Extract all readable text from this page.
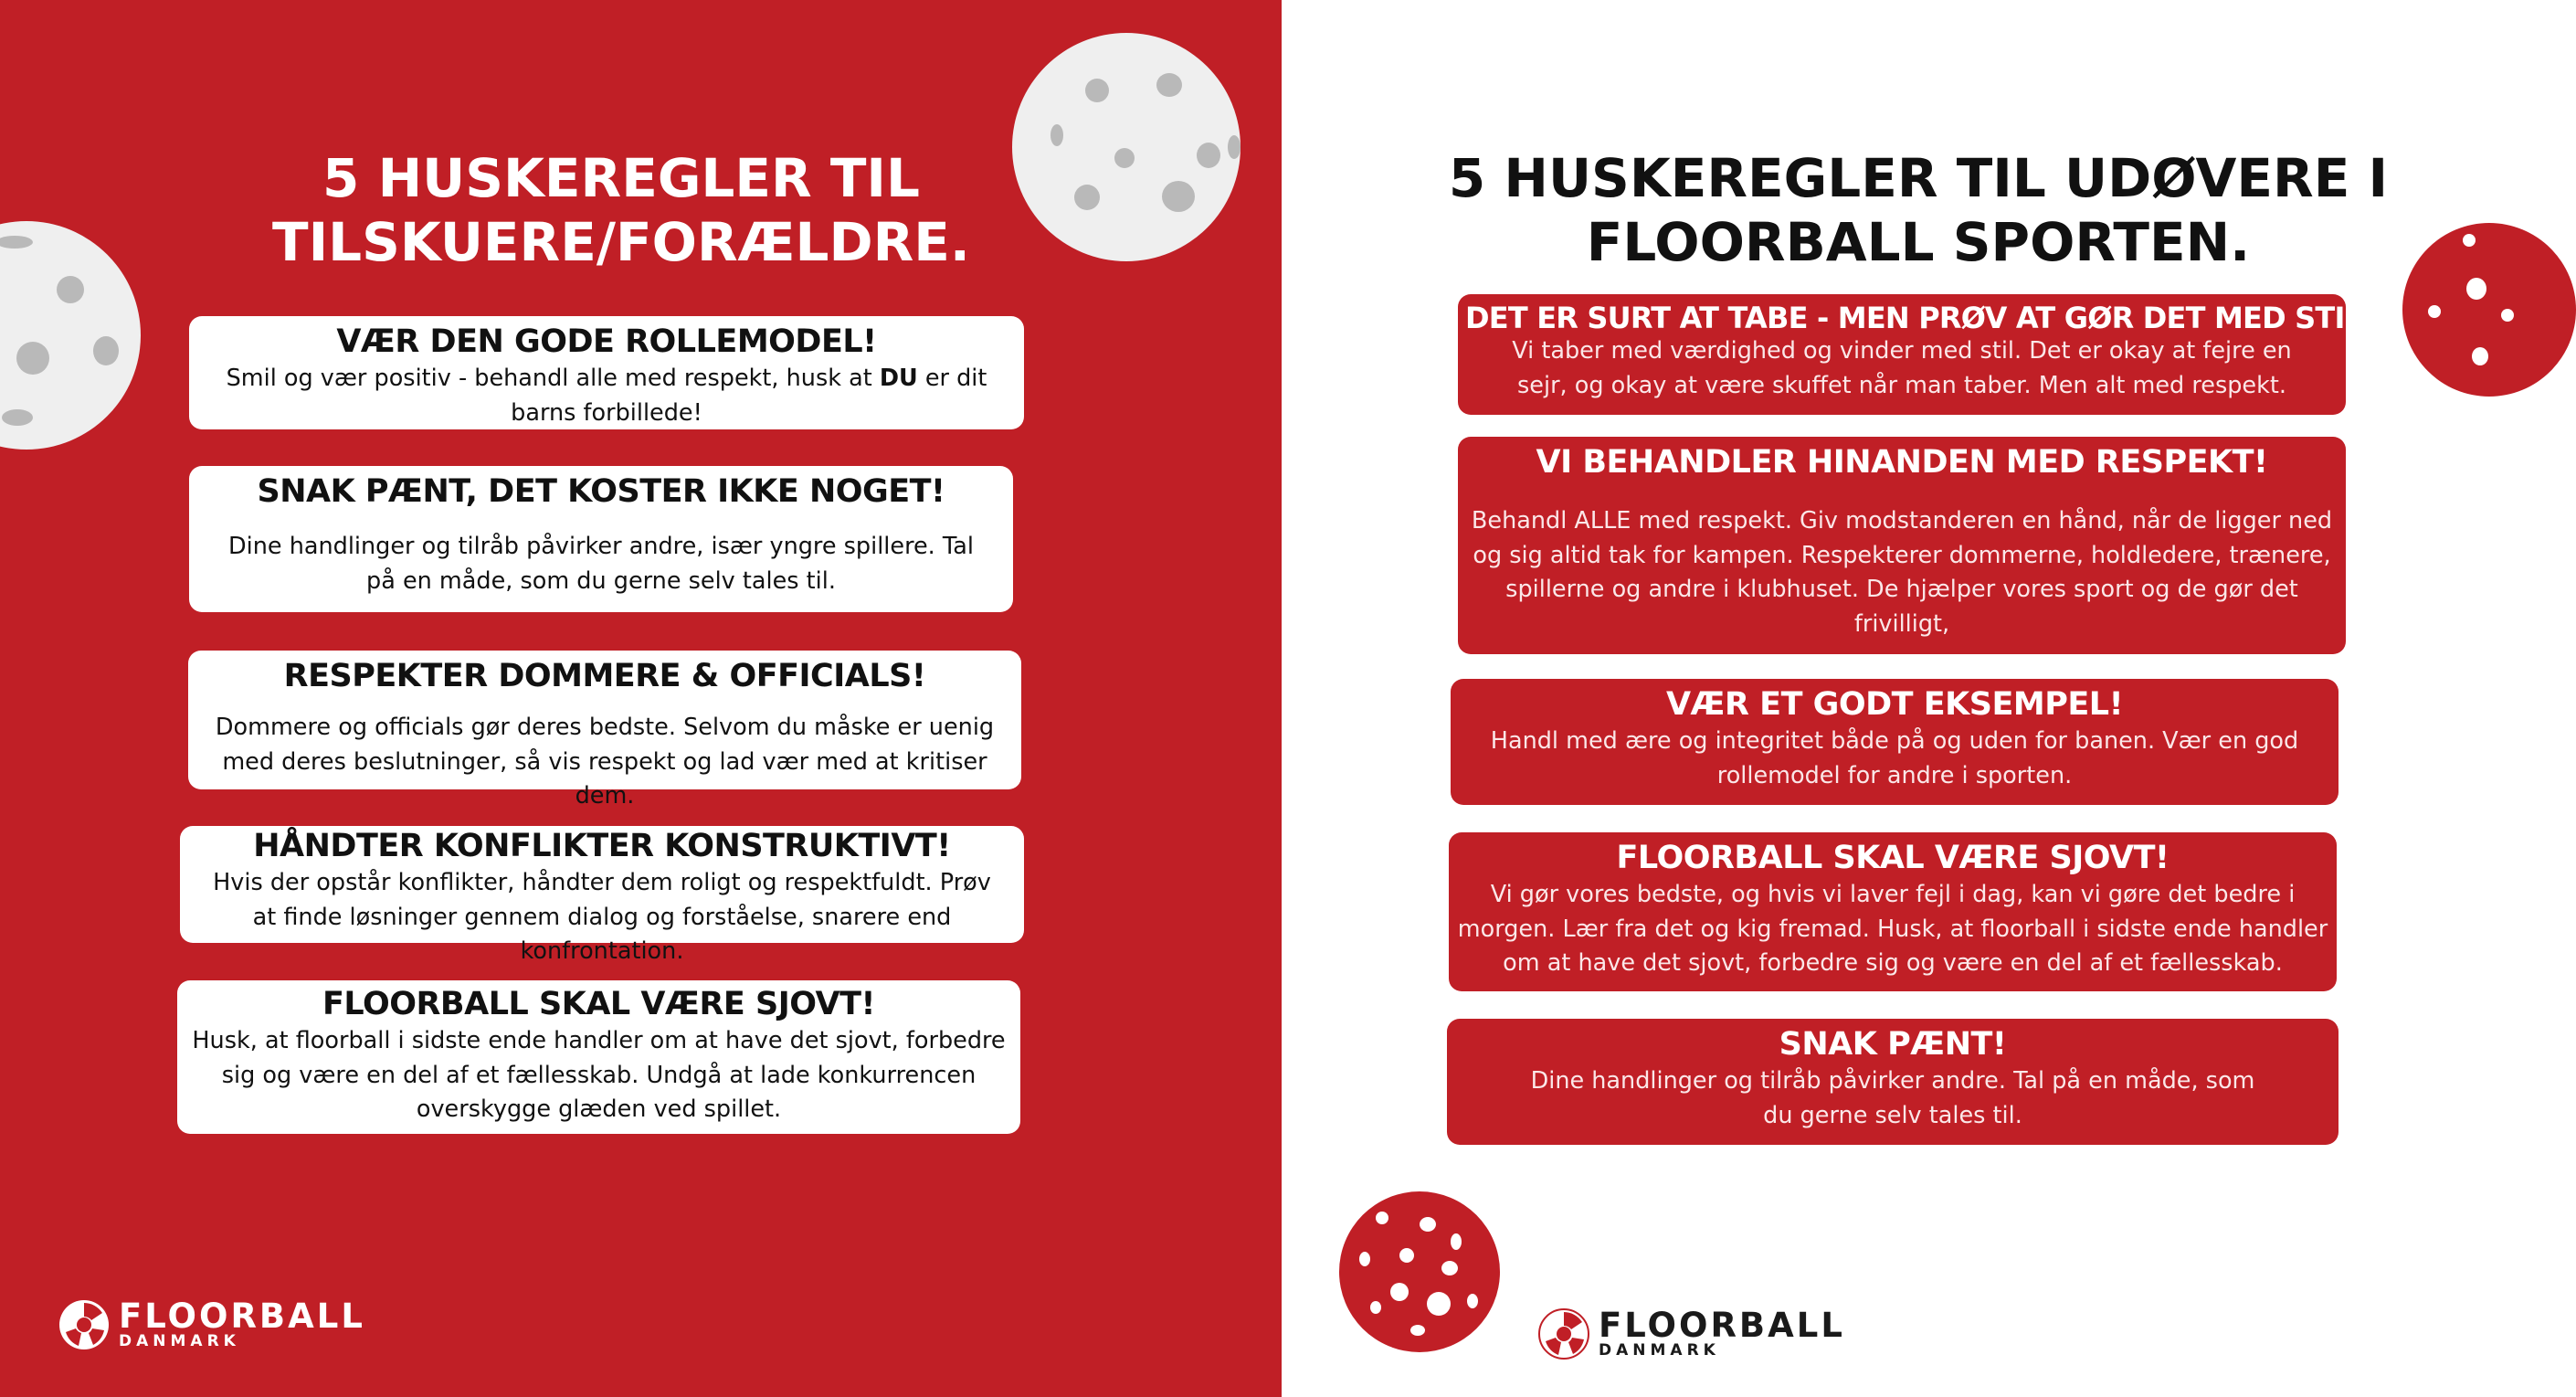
5 HUSKEREGLER TIL
TILSKUERE/FORÆLDRE.
VÆR DEN GODE ROLLEMODEL!
Smil og vær positiv - behandl alle med respekt, husk at DU er dit barns forbillede!
SNAK PÆNT, DET KOSTER IKKE NOGET!
Dine handlinger og tilråb påvirker andre, især yngre spillere. Tal på en måde, som du gerne selv tales til.
RESPEKTER DOMMERE & OFFICIALS!
Dommere og officials gør deres bedste. Selvom du måske er uenig med deres beslutninger, så vis respekt og lad vær med at kritiser dem.
HÅNDTER KONFLIKTER KONSTRUKTIVT!
Hvis der opstår konflikter, håndter dem roligt og respektfuldt. Prøv at finde løsninger gennem dialog og forståelse, snarere end konfrontation.
FLOORBALL SKAL VÆRE SJOVT!
Husk, at floorball i sidste ende handler om at have det sjovt, forbedre sig og være en del af et fællesskab. Undgå at lade konkurrencen overskygge glæden ved spillet.
FLOORBALL
DANMARK
5 HUSKEREGLER TIL UDØVERE I
FLOORBALL SPORTEN.
DET ER SURT AT TABE - MEN PRØV AT GØR DET MED STIL
Vi taber med værdighed og vinder med stil. Det er okay at fejre en sejr, og okay at være skuffet når man taber. Men alt med respekt.
VI BEHANDLER HINANDEN MED RESPEKT!
Behandl ALLE med respekt. Giv modstanderen en hånd, når de ligger ned og sig altid tak for kampen. Respekterer dommerne, holdledere, trænere, spillerne og andre i klubhuset. De hjælper vores sport og de gør det frivilligt,
VÆR ET GODT EKSEMPEL!
Handl med ære og integritet både på og uden for banen. Vær en god rollemodel for andre i sporten.
FLOORBALL SKAL VÆRE SJOVT!
Vi gør vores bedste, og hvis vi laver fejl i dag, kan vi gøre det bedre i morgen. Lær fra det og kig fremad. Husk, at floorball i sidste ende handler om at have det sjovt, forbedre sig og være en del af et fællesskab.
SNAK PÆNT!
Dine handlinger og tilråb påvirker andre. Tal på en måde, som du gerne selv tales til.
FLOORBALL
DANMARK
